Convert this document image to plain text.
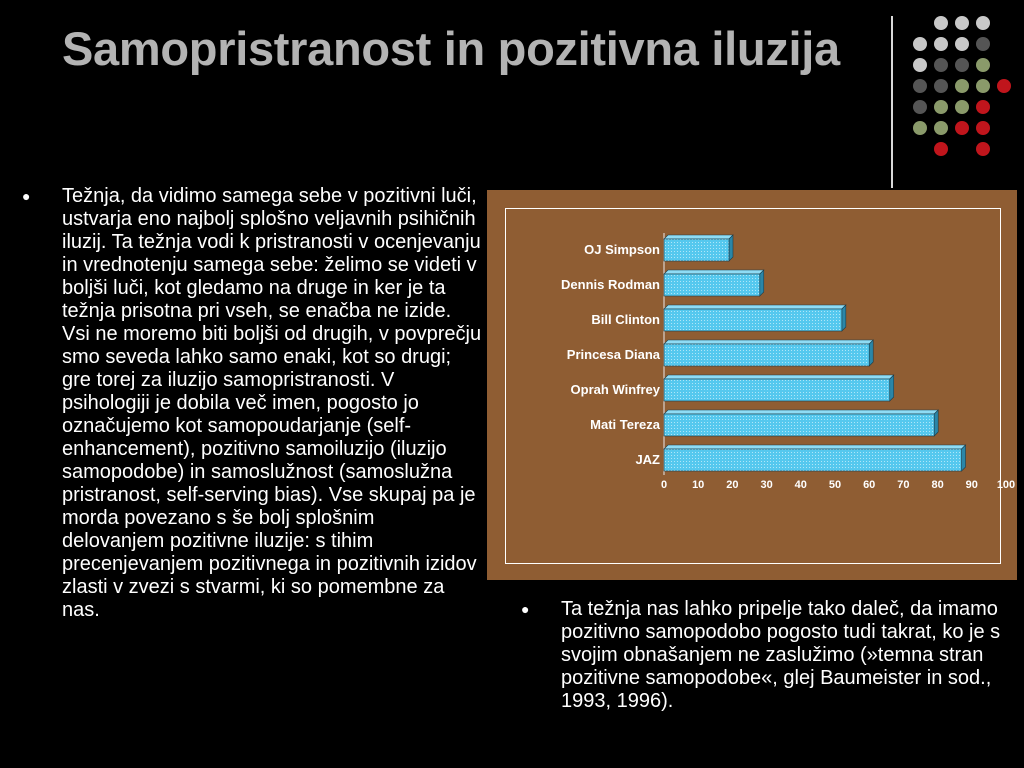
Samopristranost in pozitivna iluzija
● Težnja, da vidimo samega sebe v pozitivni luči, ustvarja eno najbolj splošno veljavnih psihičnih iluzij. Ta težnja vodi k pristranosti v ocenjevanju in vrednotenju samega sebe: želimo se videti v boljši luči, kot gledamo na druge in ker je ta težnja prisotna pri vseh, se enačba ne izide. Vsi ne moremo biti boljši od drugih, v povprečju smo seveda lahko samo enaki, kot so drugi; gre torej za iluzijo samopristranosti. V psihologiji je dobila več imen, pogosto jo označujemo kot samopoudarjanje (self-enhancement), pozitivno samoiluzijo (iluzijo samopodobe) in samoslužnost (samoslužna pristranost, self-serving bias). Vse skupaj pa je morda povezano s še bolj splošnim delovanjem pozitivne iluzije: s tihim precenjevanjem pozitivnega in pozitivnih izidov zlasti v zvezi s stvarmi, ki so pomembne za nas.
OJ Simpson
Dennis Rodman
Bill Clinton
Princesa Diana
Oprah Winfrey
Mati Tereza
JAZ
0 10 20 30 40 50 60 70 80 90 100
● Ta težnja nas lahko pripelje tako daleč, da imamo pozitivno samopodobo pogosto tudi takrat, ko je s svojim obnašanjem ne zaslužimo (»temna stran pozitivne samopodobe«, glej Baumeister in sod., 1993, 1996).
